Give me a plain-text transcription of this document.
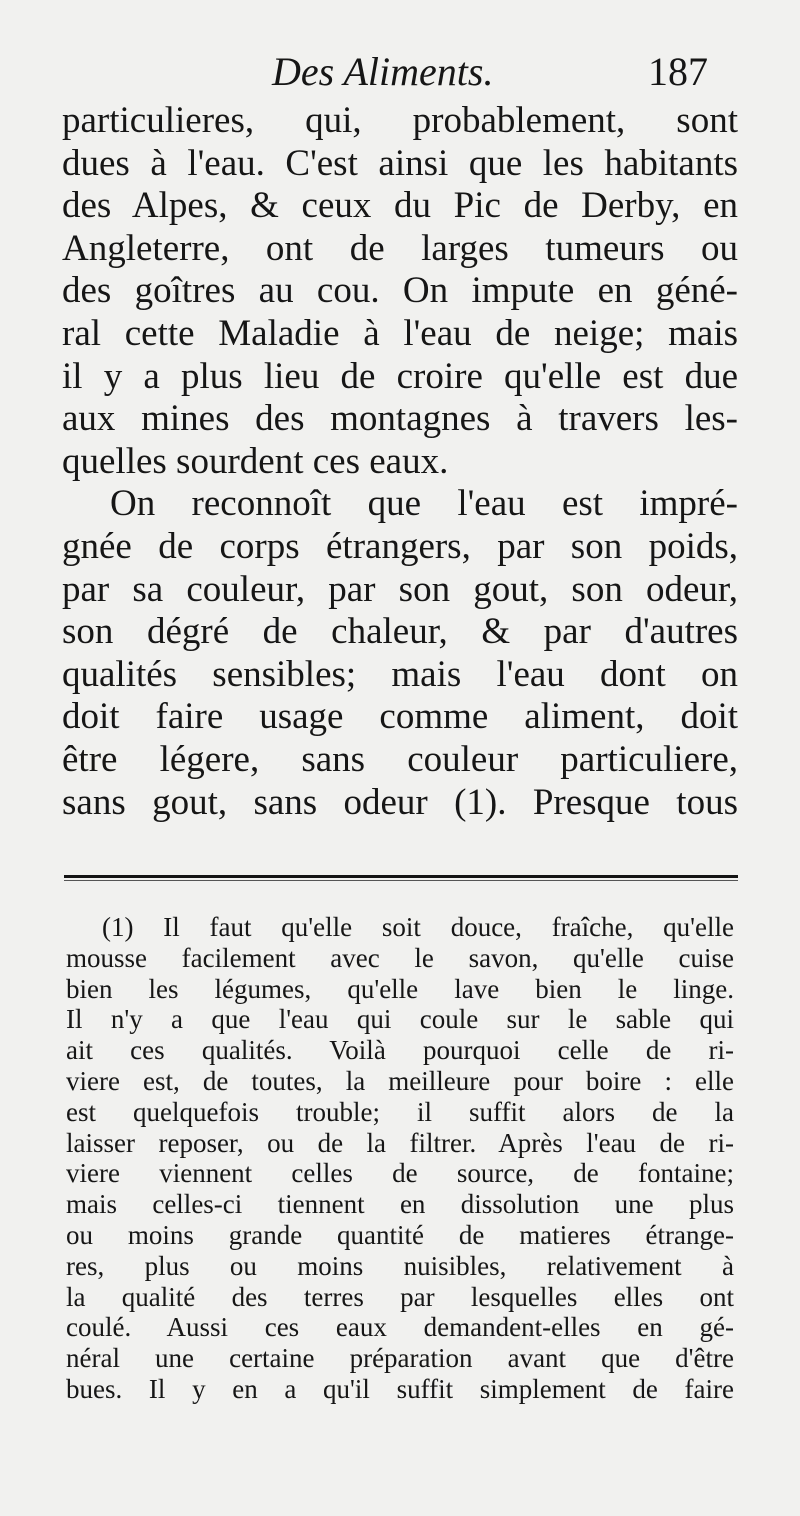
Des Aliments.	187
particulieres, qui, probablement, sont
dues à l'eau. C'est ainsi que les habitants
des Alpes, & ceux du Pic de Derby, en
Angleterre, ont de larges tumeurs ou
des goîtres au cou. On impute en géné-
ral cette Maladie à l'eau de neige; mais
il y a plus lieu de croire qu'elle est due
aux mines des montagnes à travers les-
quelles sourdent ces eaux.
On reconnoît que l'eau est impré-
gnée de corps étrangers, par son poids,
par sa couleur, par son gout, son odeur,
son dégré de chaleur, & par d'autres
qualités sensibles; mais l'eau dont on
doit faire usage comme aliment, doit
être légere, sans couleur particuliere,
sans gout, sans odeur (1). Presque tous
(1) Il faut qu'elle soit douce, fraîche, qu'elle
mousse facilement avec le savon, qu'elle cuise
bien les légumes, qu'elle lave bien le linge.
Il n'y a que l'eau qui coule sur le sable qui
ait ces qualités. Voilà pourquoi celle de ri-
viere est, de toutes, la meilleure pour boire : elle
est quelquefois trouble; il suffit alors de la
laisser reposer, ou de la filtrer. Après l'eau de ri-
viere viennent celles de source, de fontaine;
mais celles-ci tiennent en dissolution une plus
ou moins grande quantité de matieres étrange-
res, plus ou moins nuisibles, relativement à
la qualité des terres par lesquelles elles ont
coulé. Aussi ces eaux demandent-elles en gé-
néral une certaine préparation avant que d'être
bues. Il y en a qu'il suffit simplement de faire
